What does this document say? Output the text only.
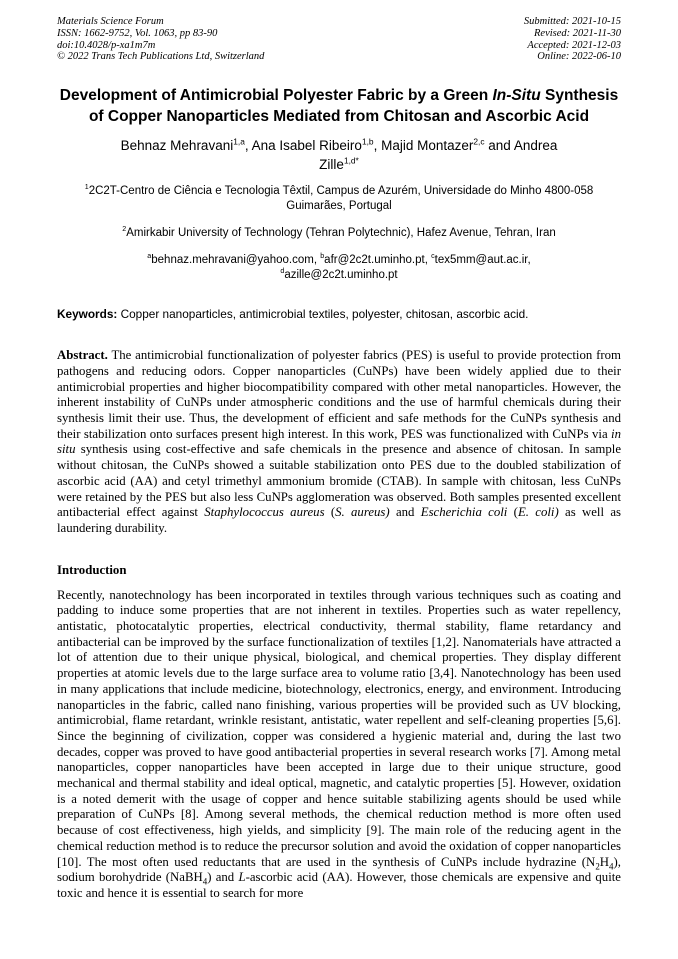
Materials Science Forum
ISSN: 1662-9752, Vol. 1063, pp 83-90
doi:10.4028/p-xa1m7m
© 2022 Trans Tech Publications Ltd, Switzerland
Submitted: 2021-10-15
Revised: 2021-11-30
Accepted: 2021-12-03
Online: 2022-06-10
Development of Antimicrobial Polyester Fabric by a Green In-Situ Synthesis of Copper Nanoparticles Mediated from Chitosan and Ascorbic Acid
Behnaz Mehravani$^{1,a}$, Ana Isabel Ribeiro$^{1,b}$, Majid Montazer$^{2,c}$ and Andrea Zille$^{1,d*}$
$^1$2C2T-Centro de Ciência e Tecnologia Têxtil, Campus de Azurém, Universidade do Minho 4800-058 Guimarães, Portugal
$^2$Amirkabir University of Technology (Tehran Polytechnic), Hafez Avenue, Tehran, Iran
$^a$behnaz.mehravani@yahoo.com, $^b$afr@2c2t.uminho.pt, $^c$tex5mm@aut.ac.ir, $^d$azille@2c2t.uminho.pt
Keywords: Copper nanoparticles, antimicrobial textiles, polyester, chitosan, ascorbic acid.

Abstract. The antimicrobial functionalization of polyester fabrics (PES) is useful to provide protection from pathogens and reducing odors. Copper nanoparticles (CuNPs) have been widely applied due to their antimicrobial properties and higher biocompatibility compared with other metal nanoparticles. However, the inherent instability of CuNPs under atmospheric conditions and the use of harmful chemicals during their synthesis limit their use. Thus, the development of efficient and safe methods for the CuNPs synthesis and their stabilization onto surfaces present high interest. In this work, PES was functionalized with CuNPs via in situ synthesis using cost-effective and safe chemicals in the presence and absence of chitosan. In sample without chitosan, the CuNPs showed a suitable stabilization onto PES due to the doubled stabilization of ascorbic acid (AA) and cetyl trimethyl ammonium bromide (CTAB). In sample with chitosan, less CuNPs were retained by the PES but also less CuNPs agglomeration was observed. Both samples presented excellent antibacterial effect against Staphylococcus aureus (S. aureus) and Escherichia coli (E. coli) as well as laundering durability.

Introduction

Recently, nanotechnology has been incorporated in textiles through various techniques such as coating and padding to induce some properties that are not inherent in textiles. Properties such as water repellency, antistatic, photocatalytic properties, electrical conductivity, thermal stability, flame retardancy and antibacterial can be improved by the surface functionalization of textiles [1,2]. Nanomaterials have attracted a lot of attention due to their unique physical, biological, and chemical properties. They display different properties at atomic levels due to the large surface area to volume ratio [3,4]. Nanotechnology has been used in many applications that include medicine, biotechnology, electronics, energy, and environment. Introducing nanoparticles in the fabric, called nano finishing, various properties will be provided such as UV blocking, antimicrobial, flame retardant, wrinkle resistant, antistatic, water repellent and self-cleaning properties [5,6]. Since the beginning of civilization, copper was considered a hygienic material and, during the last two decades, copper was proved to have good antibacterial properties in several research works [7]. Among metal nanoparticles, copper nanoparticles have been accepted in large due to their unique structure, good mechanical and thermal stability and ideal optical, magnetic, and catalytic properties [5]. However, oxidation is a noted demerit with the usage of copper and hence suitable stabilizing agents should be used while preparation of CuNPs [8]. Among several methods, the chemical reduction method is more often used because of cost effectiveness, high yields, and simplicity [9]. The main role of the reducing agent in the chemical reduction method is to reduce the precursor solution and avoid the oxidation of copper nanoparticles [10]. The most often used reductants that are used in the synthesis of CuNPs include hydrazine $(N_2H_4)$, sodium borohydride (NaBH$_4$) and L-ascorbic acid (AA). However, those chemicals are expensive and quite toxic and hence it is essential to search for more
